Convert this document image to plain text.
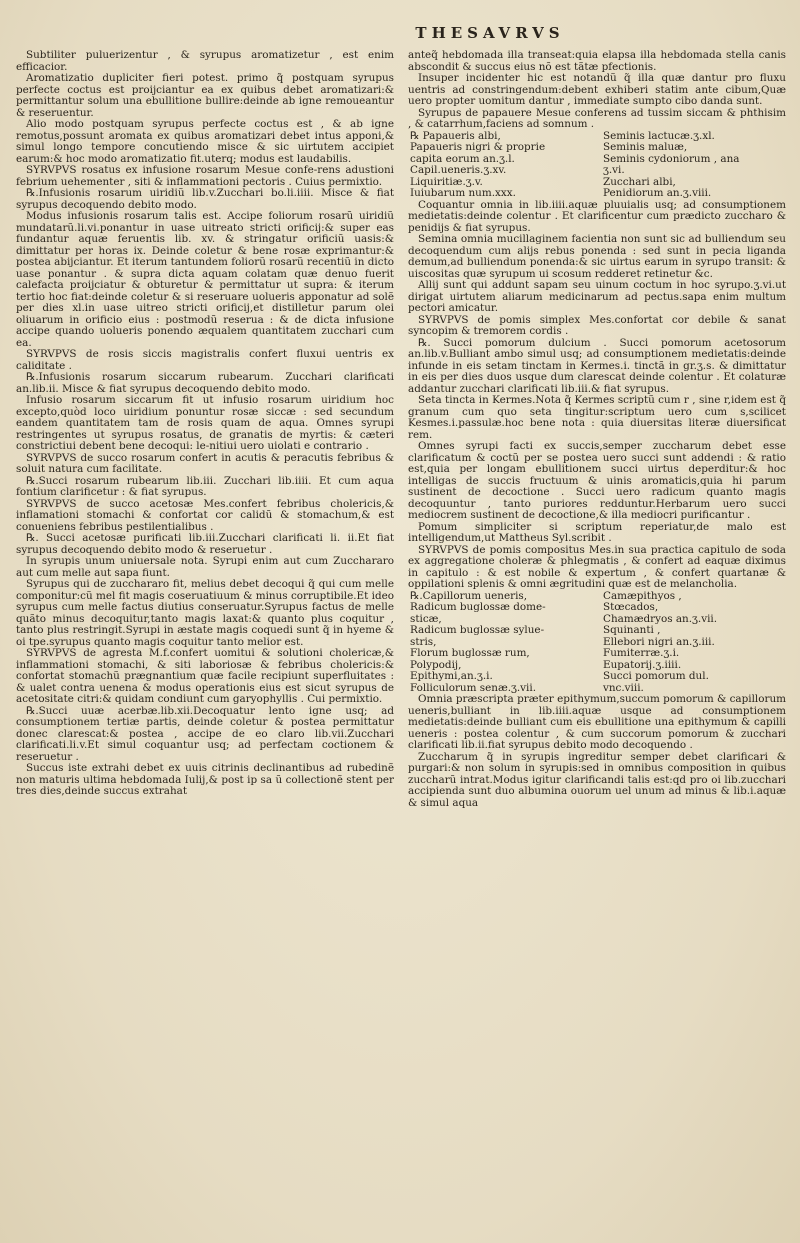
THESAVRVS

Subtiliter puluerizentur , & syrupus aromatizetur , est enim efficacior.

Aromatizatio dupliciter fieri potest. primo q̃ postquam syrupus perfecte coctus est proijciantur ea ex quibus debet aromatizari:& permittantur solum una ebullitione bullire:deinde ab igne remoueantur & reseruentur.

Alio modo postquam syrupus perfecte coctus est , & ab igne remotus,possunt aromata ex quibus aromatizari debet intus apponi,& simul longo tempore concutiendo misce & sic uirtutem accipiet earum:& hoc modo aromatizatio fit.uterq; modus est laudabilis.

SYRVPVS rosatus ex infusione rosarum Mesue confe-rens adustioni febrium uehementer , siti & inflammationi pectoris . Cuius permixtio.

℞.Infusionis rosarum uiridiũ lib.v.Zucchari bo.li.iiii. Misce & fiat syrupus decoquendo debito modo.

Modus infusionis rosarum talis est. Accipe foliorum rosarũ uiridiũ mundatarũ.li.vi.ponantur in uase uitreato stricti orificij:& super eas fundantur aquæ feruentis lib. xv. & stringatur orificiũ uasis:& dimittatur per horas ix. Deinde coletur & bene rosæ exprimantur:& postea abijciantur. Et iterum tantundem foliorũ rosarũ recentiũ in dicto uase ponantur . & supra dicta aquam colatam quæ denuo fuerit calefacta proijciatur & obturetur & permittatur ut supra: & iterum tertio hoc fiat:deinde coletur & si reseruare uolueris apponatur ad solẽ per dies xl.in uase uitreo stricti orificij,et distilletur parum olei oliuarum in orificio eius : postmodũ reserua : & de dicta infusione accipe quando uolueris ponendo æqualem quantitatem zucchari cum ea.

SYRVPVS de rosis siccis magistralis confert fluxui uentris ex caliditate .

℞.Infusionis rosarum siccarum rubearum. Zucchari clarificati an.lib.ii. Misce & fiat syrupus decoquendo debito modo.

Infusio rosarum siccarum fit ut infusio rosarum uiridium hoc excepto,quòd loco uiridium ponuntur rosæ siccæ : sed secundum eandem quantitatem tam de rosis quam de aqua. Omnes syrupi restringentes ut syrupus rosatus, de granatis de myrtis: & cæteri constrictiui debent bene decoqui: le-nitiui uero uiolati e contrario .

SYRVPVS de succo rosarum confert in acutis & peracutis febribus & soluit natura cum facilitate.

℞.Succi rosarum rubearum lib.iii. Zucchari lib.iiii. Et cum aqua fontium clarificetur : & fiat syrupus.

SYRVPVS de succo acetosæ Mes.confert febribus cholericis,& inflamationi stomachi & confortat cor calidũ & stomachum,& est conueniens febribus pestilentialibus .

℞. Succi acetosæ purificati lib.iii.Zucchari clarificati li. ii.Et fiat syrupus decoquendo debito modo & reseruetur .

In syrupis unum uniuersale nota. Syrupi enim aut cum Zucchararo aut cum melle aut sapa fiunt.

Syrupus qui de zucchararo fit, melius debet decoqui q̃ qui cum melle componitur:cũ mel fit magis coseruatiuum & minus corruptibile.Et ideo syrupus cum melle factus diutius conseruatur.Syrupus factus de melle quãto minus decoquitur,tanto magis laxat:& quanto plus coquitur , tanto plus restringit.Syrupi in æstate magis coquedi sunt q̃ in hyeme & oi tpe.syrupus quanto magis coquitur tanto melior est.

SYRVPVS de agresta M.f.confert uomitui & solutioni cholericæ,& inflammationi stomachi, & siti laboriosæ & febribus cholericis:& confortat stomachũ prægnantium quæ facile recipiunt superfluitates : & ualet contra uenena & modus operationis eius est sicut syrupus de acetositate citri:& quidam condiunt cum garyophyllis . Cui permixtio.

℞.Succi uuæ acerbæ.lib.xii.Decoquatur lento igne usq; ad consumptionem tertiæ partis, deinde coletur & postea permittatur donec clarescat:& postea , accipe de eo claro lib.vii.Zucchari clarificati.li.v.Et simul coquantur usq; ad perfectam coctionem & reseruetur .

Succus iste extrahi debet ex uuis citrinis declinantibus ad rubedinẽ non maturis ultima hebdomada Iulij,& post ip sa ũ collectionẽ stent per tres dies,deinde succus extrahat

anteq̃ hebdomada illa transeat:quia elapsa illa hebdomada stella canis abscondit & succus eius nõ est tãtæ pfectionis.

Insuper incidenter hic est notandũ q̃ illa quæ dantur pro fluxu uentris ad constringendum:debent exhiberi statim ante cibum,Quæ uero propter uomitum dantur , immediate sumpto cibo danda sunt.

Syrupus de papauere Mesue conferens ad tussim siccam & phthisim , & catarrhum,faciens ad somnum .

℞ Papaueris albi,	Seminis lactucæ.ʒ.xl.
Papaueris nigri & proprie	Seminis maluæ,
capita eorum an.ʒ.l.	Seminis cydoniorum , ana
Capil.ueneris.ʒ.xv.	ʒ.vi.
Liquiritiæ.ʒ.v.	Zucchari albi,
Iuiubarum num.xxx.	Penidiorum an.ʒ.viii.

Coquantur omnia in lib.iiii.aquæ pluuialis usq; ad consumptionem medietatis:deinde colentur . Et clarificentur cum prædicto zuccharo & penidijs & fiat syrupus.

Semina omnia mucillaginem facientia non sunt sic ad bulliendum seu decoquendum cum alijs rebus ponenda : sed sunt in pecia liganda demum,ad bulliendum ponenda:& sic uirtus earum in syrupo transit: & uiscositas quæ syrupum ui scosum redderet retinetur &c.

Allij sunt qui addunt sapam seu uinum coctum in hoc syrupo.ʒ.vi.ut dirigat uirtutem aliarum medicinarum ad pectus.sapa enim multum pectori amicatur.

SYRVPVS de pomis simplex Mes.confortat cor debile & sanat syncopim & tremorem cordis .

℞. Succi pomorum dulcium . Succi pomorum acetosorum an.lib.v.Bulliant ambo simul usq; ad consumptionem medietatis:deinde infunde in eis setam tinctam in Kermes.i. tinctã in gr.ʒ.s. & dimittatur in eis per dies duos usque dum clarescat deinde colentur . Et colaturæ addantur zucchari clarificati lib.iii.& fiat syrupus.

Seta tincta in Kermes.Nota q̃ Kermes scriptũ cum r , sine r,idem est q̃ granum cum quo seta tingitur:scriptum uero cum s,scilicet Kesmes.i.passulæ.hoc bene nota : quia diuersitas literæ diuersificat rem.

Omnes syrupi facti ex succis,semper zuccharum debet esse clarificatum & coctũ per se postea uero succi sunt addendi : & ratio est,quia per longam ebullitionem succi uirtus deperditur:& hoc intelligas de succis fructuum & uinis aromaticis,quia hi parum sustinent de decoctione . Succi uero radicum quanto magis decoquuntur , tanto puriores redduntur.Herbarum uero succi mediocrem sustinent de decoctione,& illa mediocri purificantur .

Pomum simpliciter si scriptum reperiatur,de malo est intelligendum,ut Mattheus Syl.scribit .

SYRVPVS de pomis compositus Mes.in sua practica capitulo de soda ex aggregatione choleræ & phlegmatis , & confert ad eaquæ diximus in capitulo : & est nobile & expertum , & confert quartanæ & oppilationi splenis & omni ægritudini quæ est de melancholia.

℞.Capillorum ueneris,	Camæpithyos ,
Radicum buglossæ dome-	Stœcados,
sticæ,	Chamædryos an.ʒ.vii.
Radicum buglossæ sylue-	Squinanti ,
stris,	Ellebori nigri an.ʒ.iii.
Florum buglossæ rum,	Fumiterræ.ʒ.i.
Polypodij,	Eupatorij.ʒ.iiii.
Epithymi,an.ʒ.i.	Succi pomorum dul.
Folliculorum senæ.ʒ.vii.	vnc.viii.

Omnia præscripta præter epithymum,succum pomorum & capillorum ueneris,bulliant in lib.iiii.aquæ usque ad consumptionem medietatis:deinde bulliant cum eis ebullitione una epithymum & capilli ueneris : postea colentur , & cum succorum pomorum & zucchari clarificati lib.ii.fiat syrupus debito modo decoquendo .

Zuccharum q̃ in syrupis ingreditur semper debet clarificari & purgari:& non solum in syrupis:sed in omnibus composition in quibus zuccharũ intrat.Modus igitur clarificandi talis est:qd pro oi lib.zucchari accipienda sunt duo albumina ouorum uel unum ad minus & lib.i.aquæ & simul aqua
